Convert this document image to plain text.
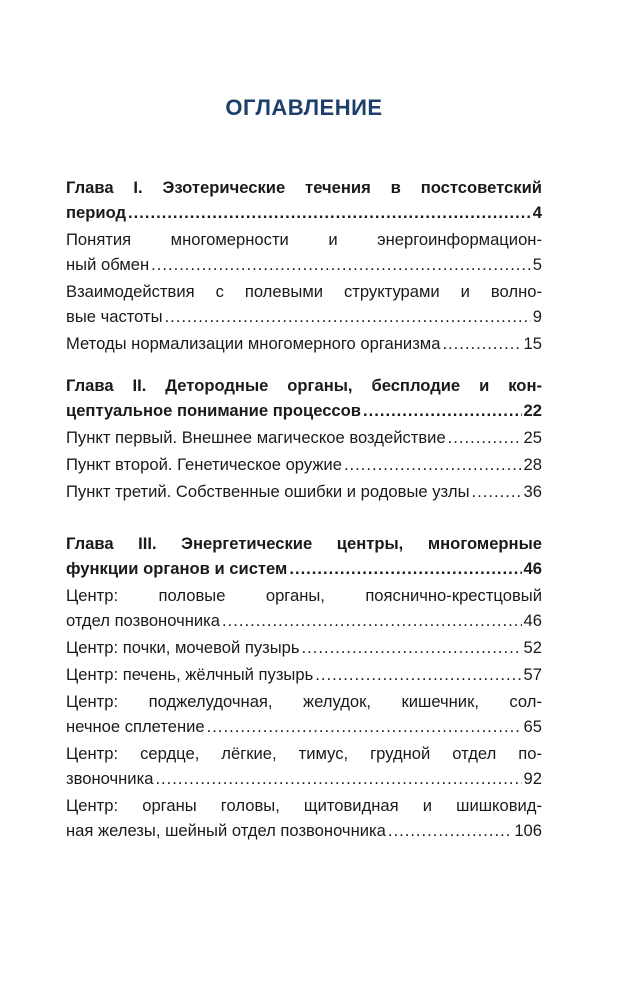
ОГЛАВЛЕНИЕ
Глава I. Эзотерические течения в постсоветский
период .....	4
Понятия многомерности и энергоинформацион-
ный обмен .....	5
Взаимодействия с полевыми структурами и волно-
вые частоты .....	9
Методы нормализации многомерного организма .....	15
Глава II. Детородные органы, бесплодие и кон-
цептуальное понимание процессов .....	22
Пункт первый. Внешнее магическое воздействие .....	25
Пункт второй. Генетическое оружие .....	28
Пункт третий. Собственные ошибки и родовые узлы .....	36
Глава III. Энергетические центры, многомерные
функции органов и систем .....	46
Центр: половые органы, пояснично-крестцовый
отдел позвоночника .....	46
Центр: почки, мочевой пузырь .....	52
Центр: печень, жёлчный пузырь .....	57
Центр: поджелудочная, желудок, кишечник, сол-
нечное сплетение .....	65
Центр: сердце, лёгкие, тимус, грудной отдел по-
звоночника .....	92
Центр: органы головы, щитовидная и шишковид-
ная железы, шейный отдел позвоночника .....	106
